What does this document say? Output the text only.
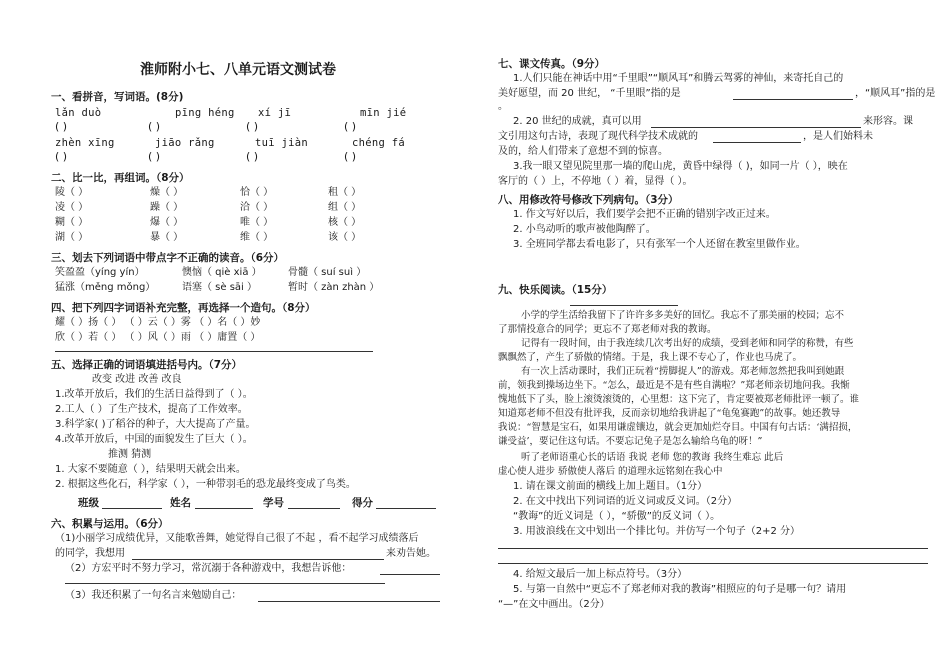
淮师附小七、八单元语文测试卷
一、看拼音，写词语。(8分)
lǎn duò	pīng héng xí jī	mīn jié
( )	( )	( )	( )
zhèn xīng	jiāo rǎng	tuī jiàn	chéng fá
( )	( )	( )	( )
二、比一比，再组词。（8分）
陵（ ）	燥（ ）	恰（ ）	租（ ）
凌（ ）	躁（ ）	洽（ ）	组（ ）
糊（ ）	爆（ ）	唯（ ）	核（ ）
湖（ ）	暴（ ）	维（ ）	该（ ）
三、划去下列词语中带点字不正确的读音。（6分）
笑盈盈（yíng yín）	懊恼（ qiè xiā ）	骨髓（ suí suì ）
猛涨（měng mǒng）	语塞（ sè sāi ）	暂时（ zàn zhàn ）
四、把下列四字词语补充完整，再选择一个造句。（8分）
耀（ ）扬（ ） （ ）云（ ）雾 （ ）名（ ）妙
欣（ ）若（ ） （ ）风（ ）雨 （ ）庸置（ ）
五、选择正确的词语填进括号内。（7分）
改变 改进 改善 改良
1.改革开放后，我们的生活日益得到了（ ）。
2.工人（ ）了生产技术，提高了工作效率。
3.科学家( )了稻谷的种子，大大提高了产量。
4.改革开放后，中国的面貌发生了巨大（ ）。
推测 猜测
1. 大家不要随意（ ），结果明天就会出来。
2. 根据这些化石，科学家（ ），一种带羽毛的恐龙最终变成了鸟类。
班级	姓名	学号	得分
六、积累与运用。（6分）
（1)小丽学习成绩优异，又能歌善舞，她觉得自己很了不起 ，看不起学习成绩落后
的同学，我想用	来劝告她。
（2）方宏平时不努力学习，常沉溺于各种游戏中，我想告诉他：
（3）我还积累了一句名言来勉励自己：
七、课文传真。（9分）
1.人们只能在神话中用“千里眼”“顺风耳”和腾云驾雾的神仙，来寄托自己的
美好愿望，而 20 世纪， “千里眼”指的是	，“顺风耳”指的是
。
2. 20 世纪的成就，真可以用	来形容。课
文引用这句古诗，表现了现代科学技术成就的	，是人们始料未
及的，给人们带来了意想不到的惊喜。
3.我一眼又望见院里那一墙的爬山虎，黄昏中绿得（ )，如同一片（ ），映在
客厅的（ ）上，不停地（ ）着，显得（ ）。
八、用修改符号修改下列病句。（3分）
1. 作文写好以后，我们要学会把不正确的错别字改正过来。
2. 小鸟动听的歌声被他陶醉了。
3. 全班同学都去看电影了，只有张军一个人还留在教室里做作业。
九、快乐阅读。（15分）
小学的学生活给我留下了许许多多美好的回忆。我忘不了那美丽的校园；忘不
了那情投意合的同学；更忘不了郑老师对我的教诲。
记得有一段时间，由于我连续几次考出好的成绩，受到老师和同学的称赞，有些
飘飘然了，产生了骄傲的情绪。于是，我上课不专心了，作业也马虎了。
有一次上活动课时，我们正玩着“捞脚捉人”的游戏。郑老师忽然把我叫到她跟
前，领我到操场边坐下。“怎么，最近是不是有些自满啦？”郑老师亲切地问我。我惭
愧地低下了头，脸上滚烫滚烫的，心里想：这下完了，肯定要被郑老师批评一顿了。谁
知道郑老师不但没有批评我，反而亲切地给我讲起了“龟兔赛跑”的故事。她还教导
我说：“智慧是宝石，如果用谦虚镶边，就会更加灿烂夺目。中国有句古话：‘满招损，
谦受益’，要记住这句话。不要忘记兔子是怎么输给乌龟的呀！”
听了老师语重心长的话语 我说 老师 您的教诲 我终生难忘 此后
虚心使人进步 骄傲使人落后 的道理永远铭刻在我心中
1. 请在课文前面的横线上加上题目。（1分）
2. 在文中找出下列词语的近义词或反义词。（2分）
“教诲”的近义词是（ ），“骄傲”的反义词（ ）。
3. 用波浪线在文中划出一个排比句。并仿写一个句子（2+2 分）
4. 给短文最后一加上标点符号。（3分）
5. 与第一自然中“更忘不了郑老师对我的教诲”相照应的句子是哪一句？请用
“—”在文中画出。（2分）
